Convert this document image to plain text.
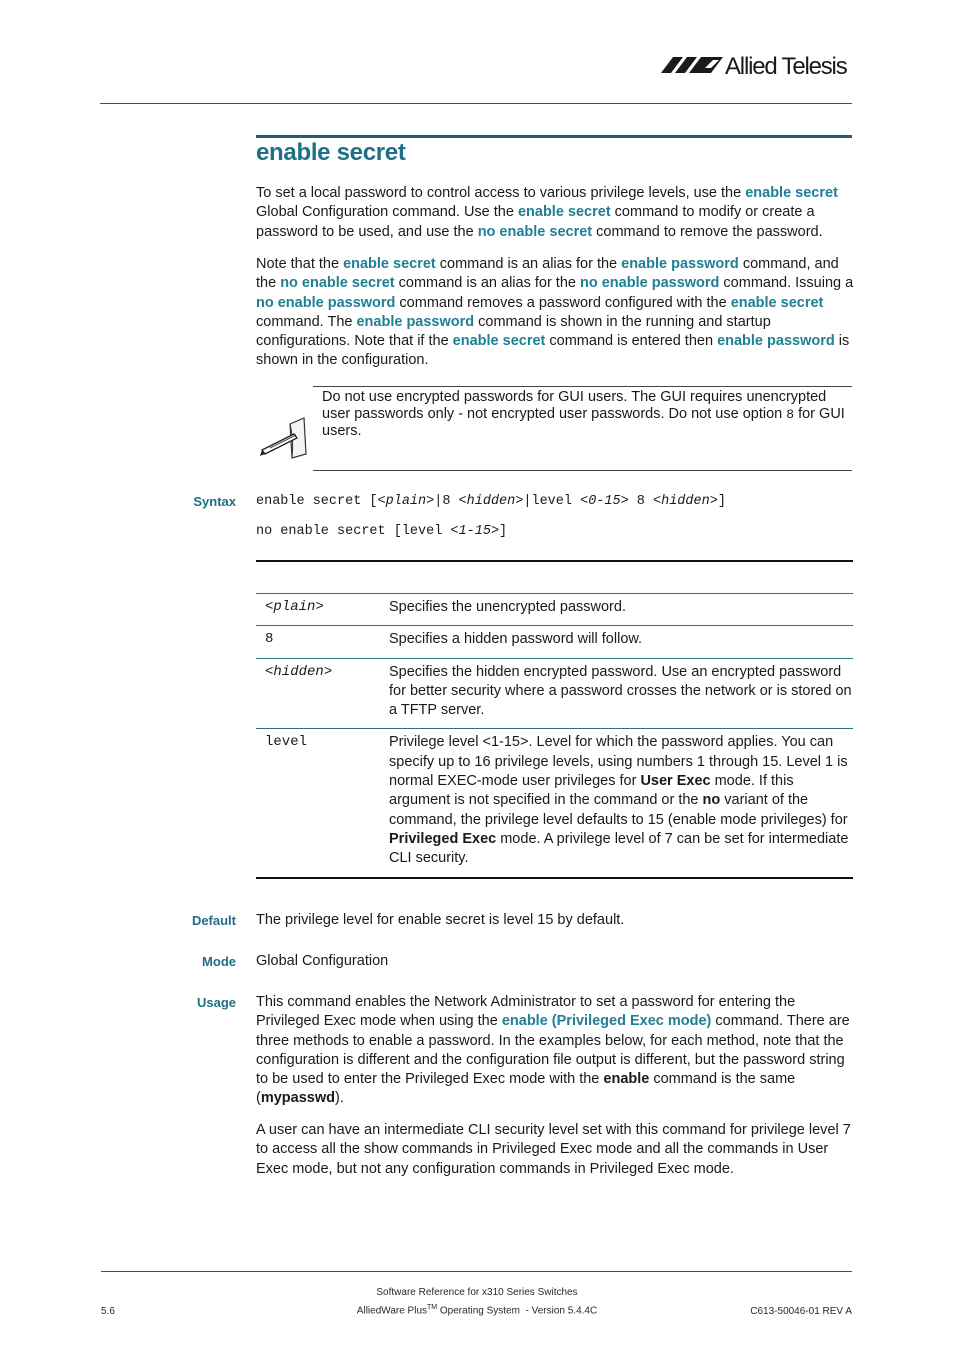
Allied Telesis
enable secret
To set a local password to control access to various privilege levels, use the enable secret Global Configuration command. Use the enable secret command to modify or create a password to be used, and use the no enable secret command to remove the password.
Note that the enable secret command is an alias for the enable password command, and the no enable secret command is an alias for the no enable password command. Issuing a no enable password command removes a password configured with the enable secret command. The enable password command is shown in the running and startup configurations. Note that if the enable secret command is entered then enable password is shown in the configuration.
Do not use encrypted passwords for GUI users. The GUI requires unencrypted user passwords only - not encrypted user passwords. Do not use option 8 for GUI users.
Syntax enable secret [<plain>|8 <hidden>|level <0-15> 8 <hidden>]
no enable secret [level <1-15>]
<plain>	Specifies the unencrypted password.
8	Specifies a hidden password will follow.
<hidden>	Specifies the hidden encrypted password. Use an encrypted password for better security where a password crosses the network or is stored on a TFTP server.
level	Privilege level <1-15>. Level for which the password applies. You can specify up to 16 privilege levels, using numbers 1 through 15. Level 1 is normal EXEC-mode user privileges for User Exec mode. If this argument is not specified in the command or the no variant of the command, the privilege level defaults to 15 (enable mode privileges) for Privileged Exec mode. A privilege level of 7 can be set for intermediate CLI security.
Default The privilege level for enable secret is level 15 by default.
Mode Global Configuration
Usage This command enables the Network Administrator to set a password for entering the Privileged Exec mode when using the enable (Privileged Exec mode) command. There are three methods to enable a password. In the examples below, for each method, note that the configuration is different and the configuration file output is different, but the password string to be used to enter the Privileged Exec mode with the enable command is the same (mypasswd).
A user can have an intermediate CLI security level set with this command for privilege level 7 to access all the show commands in Privileged Exec mode and all the commands in User Exec mode, but not any configuration commands in Privileged Exec mode.
Software Reference for x310 Series Switches
AlliedWare Plus™ Operating System  - Version 5.4.4C
5.6	C613-50046-01 REV A
